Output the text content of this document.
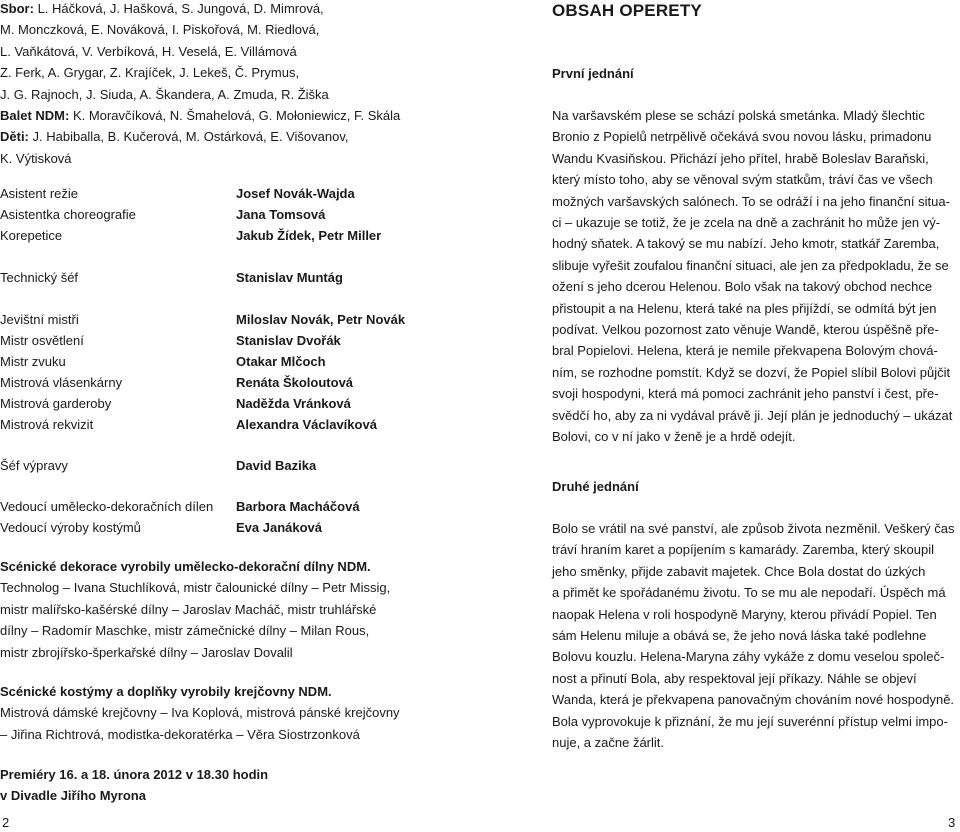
Sbor: L. Háčková, J. Hašková, S. Jungová, D. Mimrová,

M. Monczková, E. Nováková, I. Piskořová, M. Riedlová,

L. Vaňkátová, V. Verbíková, H. Veselá, E. Villámová

Z. Ferk, A. Grygar, Z. Krajíček, J. Lekeš, Č. Prymus,

J. G. Rajnoch, J. Siuda, A. Škandera, A. Zmuda, R. Žiška

Balet NDM: K. Moravčíková, N. Šmahelová, G. Mołoniewicz, F. Skála

Děti: J. Habiballa, B. Kučerová, M. Ostárková, E. Višovanov,

K. Výtisková

Asistent režie	Josef Novák-Wajda
Asistentka choreografie	Jana Tomsová
Korepetice	Jakub Žídek, Petr Miller
Technický šéf	Stanislav Muntág
Jevištní mistři	Miloslav Novák, Petr Novák
Mistr osvětlení	Stanislav Dvořák
Mistr zvuku	Otakar Mlčoch
Mistrová vlásenkárny	Renáta Školoutová
Mistrová garderoby	Naděžda Vránková
Mistrová rekvizit	Alexandra Václavíková
Šéf výpravy	David Bazika
Vedoucí umělecko-dekoračních dílen Barbora Macháčová
Vedoucí výroby kostýmů	Eva Janáková

Scénické dekorace vyrobily umělecko-dekorační dílny NDM.

Technolog – Ivana Stuchlíková, mistr čalounické dílny – Petr Missig,

mistr malířsko-kašérské dílny – Jaroslav Macháč, mistr truhlářské

dílny – Radomír Maschke, mistr zámečnické dílny – Milan Rous,

mistr zbrojířsko-šperkařské dílny – Jaroslav Dovalil

Scénické kostýmy a doplňky vyrobily krejčovny NDM.

Mistrová dámské krejčovny – Iva Koplová, mistrová pánské krejčovny

– Jiřina Richtrová, modistka-dekoratérka – Věra Siostrzonková

Premiéry 16. a 18. února 2012 v 18.30 hodin

v Divadle Jiřího Myrona

OBSAH OPERETY
První jednání

Na varšavském plese se schází polská smetánka. Mladý šlechtic

Bronio z Popielů netrpělivě očekává svou novou lásku, primadonu

Wandu Kvasiňskou. Přichází jeho přítel, hrabě Boleslav Baraňski,

který místo toho, aby se věnoval svým statkům, tráví čas ve všech

možných varšavských salónech. To se odráží i na jeho finanční situa-

ci – ukazuje se totiž, že je zcela na dně a zachránit ho může jen vý-

hodný sňatek. A takový se mu nabízí. Jeho kmotr, statkář Zaremba,

slibuje vyřešit zoufalou finanční situaci, ale jen za předpokladu, že se

ožení s jeho dcerou Helenou. Bolo však na takový obchod nechce

přistoupit a na Helenu, která také na ples přijíždí, se odmítá být jen

podívat. Velkou pozornost zato věnuje Wandě, kterou úspěšně pře-

bral Popielovi. Helena, která je nemile překvapena Bolovým chová-

ním, se rozhodne pomstít. Když se dozví, že Popiel slíbil Bolovi půjčit

svoji hospodyni, která má pomoci zachránit jeho panství i čest, pře-

svědčí ho, aby za ni vydával právě ji. Její plán je jednoduchý – ukázat

Bolovi, co v ní jako v ženě je a hrdě odejít.

Druhé jednání

Bolo se vrátil na své panství, ale způsob života nezměnil. Veškerý čas

tráví hraním karet a popíjením s kamarády. Zaremba, který skoupil

jeho směnky, přijde zabavit majetek. Chce Bola dostat do úzkých

a přimět ke spořádanému životu. To se mu ale nepodaří. Úspěch má

naopak Helena v roli hospodyně Maryny, kterou přivádí Popiel. Ten

sám Helenu miluje a obává se, že jeho nová láska také podlehne

Bolovu kouzlu. Helena-Maryna záhy vykáže z domu veselou společ-

nost a přinutí Bola, aby respektoval její příkazy. Náhle se objeví

Wanda, která je překvapena panovačným chováním nové hospodyně.

Bola vyprovokuje k přiznání, že mu její suverénní přístup velmi impo-

nuje, a začne žárlit.

2	3
